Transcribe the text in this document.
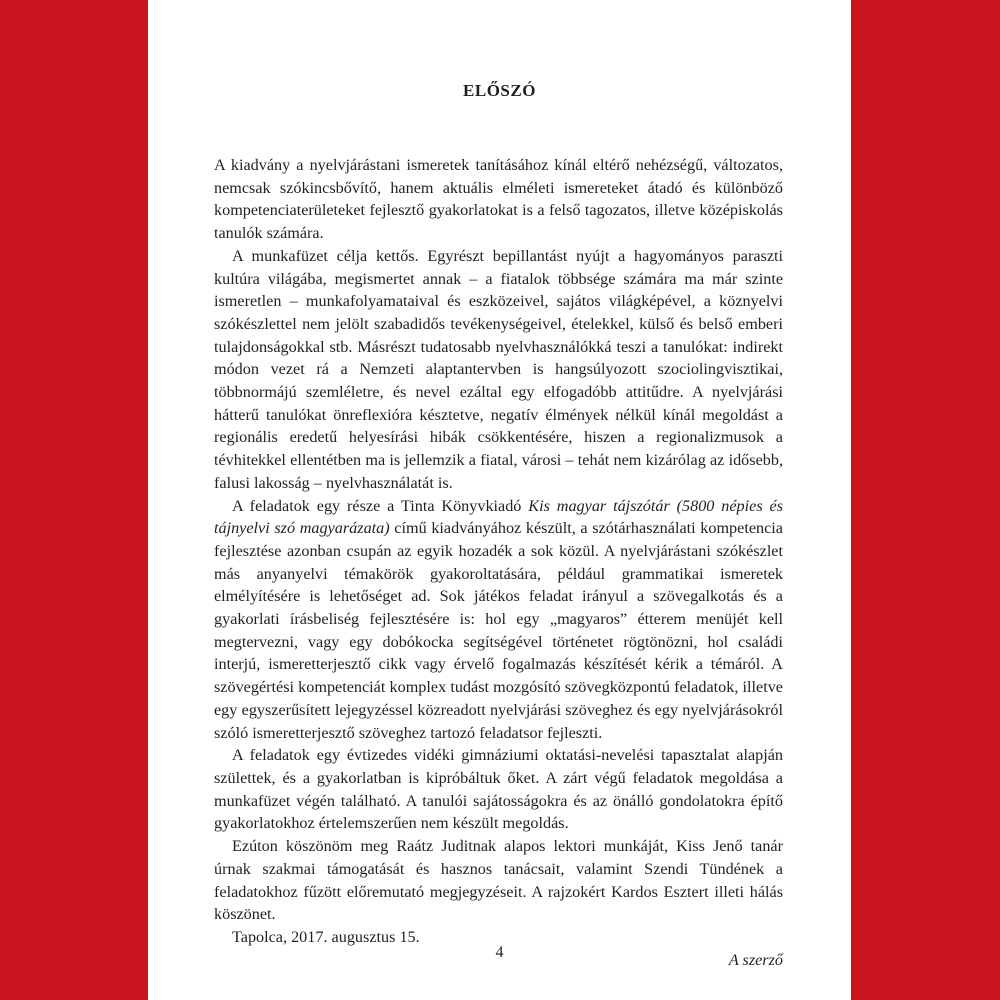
ELŐSZÓ

A kiadvány a nyelvjárástani ismeretek tanításához kínál eltérő nehézségű, változatos, nemcsak szókincsbővítő, hanem aktuális elméleti ismereteket átadó és különböző kompetenciaterületeket fejlesztő gyakorlatokat is a felső tagozatos, illetve középiskolás tanulók számára.

A munkafüzet célja kettős. Egyrészt bepillantást nyújt a hagyományos paraszti kultúra világába, megismertet annak – a fiatalok többsége számára ma már szinte ismeretlen – munkafolyamataival és eszközeivel, sajátos világképével, a köznyelvi szókészlettel nem jelölt szabadidős tevékenységeivel, ételekkel, külső és belső emberi tulajdonságokkal stb. Másrészt tudatosabb nyelvhasználókká teszi a tanulókat: indirekt módon vezet rá a Nemzeti alaptantervben is hangsúlyozott szociolingvisztikai, többnormájú szemléletre, és nevel ezáltal egy elfogadóbb attitűdre. A nyelvjárási hátterű tanulókat önreflexióra késztetve, negatív élmények nélkül kínál megoldást a regionális eredetű helyesírási hibák csökkentésére, hiszen a regionalizmusok a tévhitekkel ellentétben ma is jellemzik a fiatal, városi – tehát nem kizárólag az idősebb, falusi lakosság – nyelvhasználatát is.

A feladatok egy része a Tinta Könyvkiadó Kis magyar tájszótár (5800 népies és tájnyelvi szó magyarázata) című kiadványához készült, a szótárhasználati kompetencia fejlesztése azonban csupán az egyik hozadék a sok közül. A nyelvjárástani szókészlet más anyanyelvi témakörök gyakoroltatására, például grammatikai ismeretek elmélyítésére is lehetőséget ad. Sok játékos feladat irányul a szövegalkotás és a gyakorlati írásbeliség fejlesztésére is: hol egy „magyaros” étterem menüjét kell megtervezni, vagy egy dobókocka segítségével történetet rögtönözni, hol családi interjú, ismeretterjesztő cikk vagy érvelő fogalmazás készítését kérik a témáról. A szövegértési kompetenciát komplex tudást mozgósító szövegközpontú feladatok, illetve egy egyszerűsített lejegyzéssel közreadott nyelvjárási szöveghez és egy nyelvjárásokról szóló ismeretterjesztő szöveghez tartozó feladatsor fejleszti.

A feladatok egy évtizedes vidéki gimnáziumi oktatási-nevelési tapasztalat alapján születtek, és a gyakorlatban is kipróbáltuk őket. A zárt végű feladatok megoldása a munkafüzet végén található. A tanulói sajátosságokra és az önálló gondolatokra építő gyakorlatokhoz értelemszerűen nem készült megoldás.

Ezúton köszönöm meg Raátz Juditnak alapos lektori munkáját, Kiss Jenő tanár úrnak szakmai támogatását és hasznos tanácsait, valamint Szendi Tündének a feladatokhoz fűzött előremutató megjegyzéseit. A rajzokért Kardos Esztert illeti hálás köszönet.

Tapolca, 2017. augusztus 15.

A szerző

4
